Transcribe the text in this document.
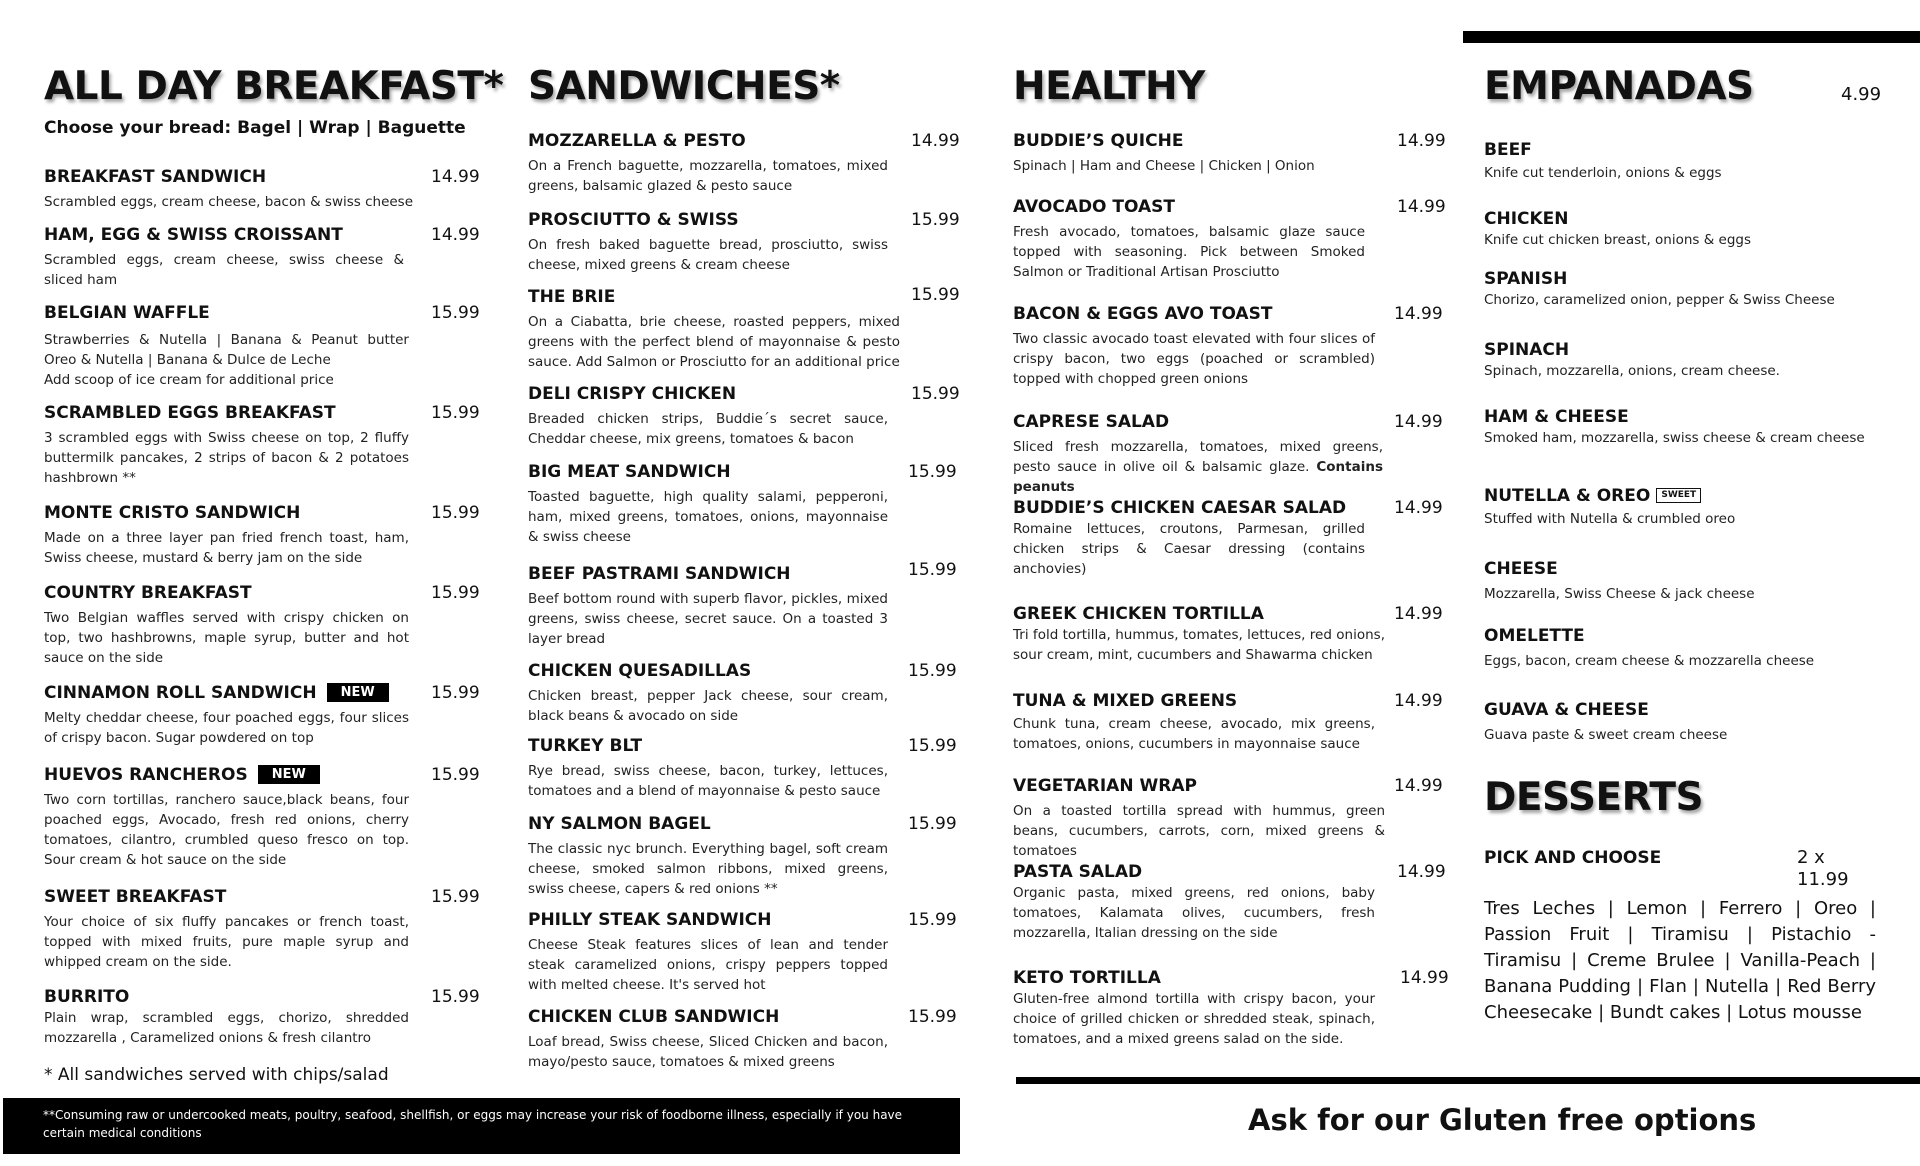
ALL DAY BREAKFAST*
Choose your bread: Bagel | Wrap | Baguette
BREAKFAST SANDWICH	14.99
Scrambled eggs, cream cheese, bacon & swiss cheese
HAM, EGG & SWISS CROISSANT	14.99
Scrambled eggs, cream cheese, swiss cheese & sliced ham
BELGIAN WAFFLE	15.99
Strawberries & Nutella | Banana & Peanut butter Oreo & Nutella | Banana & Dulce de Leche
Add scoop of ice cream for additional price
SCRAMBLED EGGS BREAKFAST	15.99
3 scrambled eggs with Swiss cheese on top, 2 fluffy buttermilk pancakes, 2 strips of bacon & 2 potatoes hashbrown **
MONTE CRISTO SANDWICH	15.99
Made on a three layer pan fried french toast, ham, Swiss cheese, mustard & berry jam on the side
COUNTRY BREAKFAST	15.99
Two Belgian waffles served with crispy chicken on top, two hashbrowns, maple syrup, butter and hot sauce on the side
CINNAMON ROLL SANDWICH NEW	15.99
Melty cheddar cheese, four poached eggs, four slices of crispy bacon. Sugar powdered on top
HUEVOS RANCHEROS NEW	15.99
Two corn tortillas, ranchero sauce,black beans, four poached eggs, Avocado, fresh red onions, cherry tomatoes, cilantro, crumbled queso fresco on top. Sour cream & hot sauce on the side
SWEET BREAKFAST	15.99
Your choice of six fluffy pancakes or french toast, topped with mixed fruits, pure maple syrup and whipped cream on the side.
BURRITO	15.99
Plain wrap, scrambled eggs, chorizo, shredded mozzarella , Caramelized onions & fresh cilantro
* All sandwiches served with chips/salad
**Consuming raw or undercooked meats, poultry, seafood, shellfish, or eggs may increase your risk of foodborne illness, especially if you have certain medical conditions
SANDWICHES*
MOZZARELLA & PESTO	14.99
On a French baguette, mozzarella, tomatoes, mixed greens, balsamic glazed & pesto sauce
PROSCIUTTO & SWISS	15.99
On fresh baked baguette bread, prosciutto, swiss cheese, mixed greens & cream cheese
THE BRIE	15.99
On a Ciabatta, brie cheese, roasted peppers, mixed greens with the perfect blend of mayonnaise & pesto sauce. Add Salmon or Prosciutto for an additional price
DELI CRISPY CHICKEN	15.99
Breaded chicken strips, Buddie´s secret sauce, Cheddar cheese, mix greens, tomatoes & bacon
BIG MEAT SANDWICH	15.99
Toasted baguette, high quality salami, pepperoni, ham, mixed greens, tomatoes, onions, mayonnaise & swiss cheese
BEEF PASTRAMI SANDWICH	15.99
Beef bottom round with superb flavor, pickles, mixed greens, swiss cheese, secret sauce. On a toasted 3 layer bread
CHICKEN QUESADILLAS	15.99
Chicken breast, pepper Jack cheese, sour cream, black beans & avocado on side
TURKEY BLT	15.99
Rye bread, swiss cheese, bacon, turkey, lettuces, tomatoes and a blend of mayonnaise & pesto sauce
NY SALMON BAGEL	15.99
The classic nyc brunch. Everything bagel, soft cream cheese, smoked salmon ribbons, mixed greens, swiss cheese, capers & red onions **
PHILLY STEAK SANDWICH	15.99
Cheese Steak features slices of lean and tender steak caramelized onions, crispy peppers topped with melted cheese. It's served hot
CHICKEN CLUB SANDWICH	15.99
Loaf bread, Swiss cheese, Sliced Chicken and bacon, mayo/pesto sauce, tomatoes & mixed greens
HEALTHY
BUDDIE’S QUICHE	14.99
Spinach | Ham and Cheese | Chicken | Onion
AVOCADO TOAST	14.99
Fresh avocado, tomatoes, balsamic glaze sauce topped with seasoning. Pick between Smoked Salmon or Traditional Artisan Prosciutto
BACON & EGGS AVO TOAST	14.99
Two classic avocado toast elevated with four slices of crispy bacon, two eggs (poached or scrambled) topped with chopped green onions
CAPRESE SALAD	14.99
Sliced fresh mozzarella, tomatoes, mixed greens, pesto sauce in olive oil & balsamic glaze. Contains peanuts
BUDDIE’S CHICKEN CAESAR SALAD	14.99
Romaine lettuces, croutons, Parmesan, grilled chicken strips & Caesar dressing (contains anchovies)
GREEK CHICKEN TORTILLA	14.99
Tri fold tortilla, hummus, tomates, lettuces, red onions, sour cream, mint, cucumbers and Shawarma chicken
TUNA & MIXED GREENS	14.99
Chunk tuna, cream cheese, avocado, mix greens, tomatoes, onions, cucumbers in mayonnaise sauce
VEGETARIAN WRAP	14.99
On a toasted tortilla spread with hummus, green beans, cucumbers, carrots, corn, mixed greens & tomatoes
PASTA SALAD	14.99
Organic pasta, mixed greens, red onions, baby tomatoes, Kalamata olives, cucumbers, fresh mozzarella, Italian dressing on the side
KETO TORTILLA	14.99
Gluten-free almond tortilla with crispy bacon, your choice of grilled chicken or shredded steak, spinach, tomatoes, and a mixed greens salad on the side.
EMPANADAS	4.99
BEEF
Knife cut tenderloin, onions & eggs
CHICKEN
Knife cut chicken breast, onions & eggs
SPANISH
Chorizo, caramelized onion, pepper & Swiss Cheese
SPINACH
Spinach, mozzarella, onions, cream cheese.
HAM & CHEESE
Smoked ham, mozzarella, swiss cheese & cream cheese
NUTELLA & OREO SWEET
Stuffed with Nutella & crumbled oreo
CHEESE
Mozzarella, Swiss Cheese & jack cheese
OMELETTE
Eggs, bacon, cream cheese & mozzarella cheese
GUAVA & CHEESE
Guava paste & sweet cream cheese
DESSERTS
PICK AND CHOOSE	2 x 11.99
Tres Leches | Lemon | Ferrero | Oreo | Passion Fruit | Tiramisu | Pistachio -Tiramisu | Creme Brulee | Vanilla-Peach | Banana Pudding | Flan | Nutella | Red Berry Cheesecake | Bundt cakes | Lotus mousse
Ask for our Gluten free options
